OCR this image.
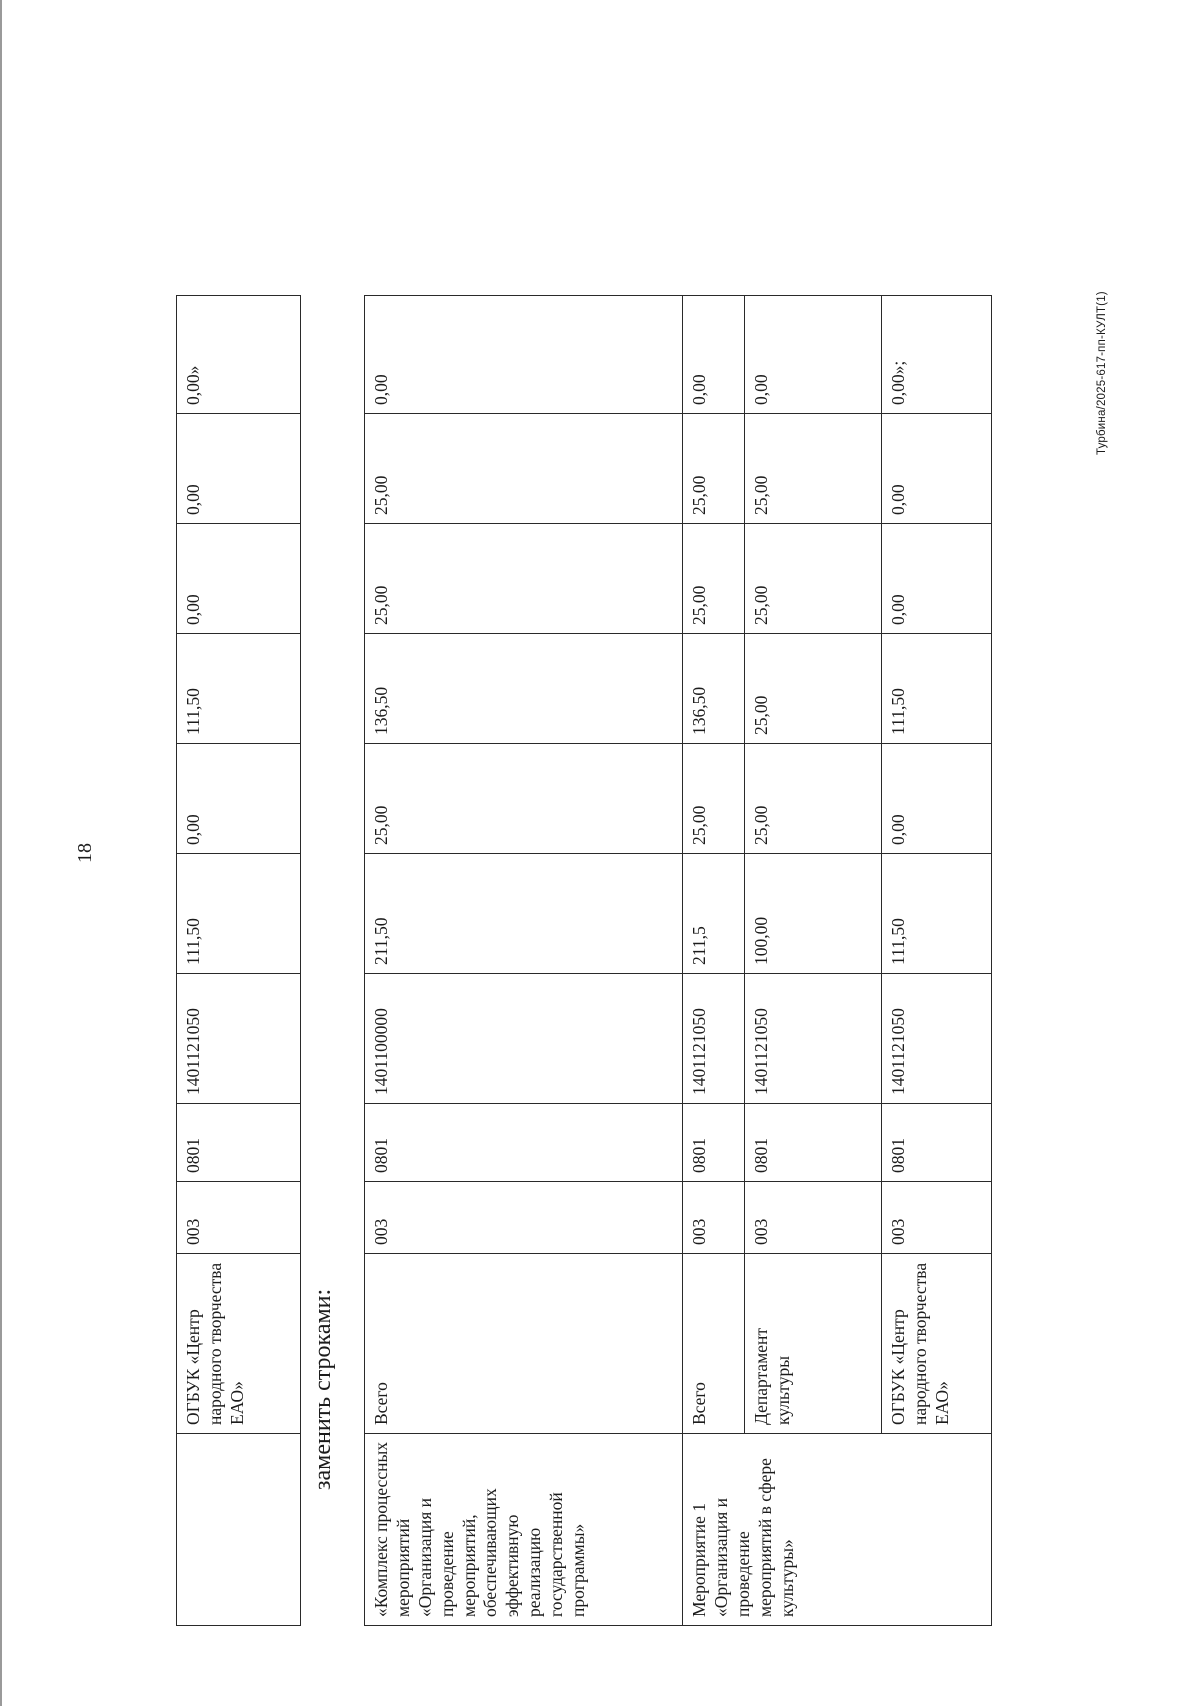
18
	ОГБУК «Центр народного творчества ЕАО»	003	0801	1401121050	111,50	0,00	111,50	0,00	0,00	0,00»
заменить строками:
«Комплекс процессных мероприятий «Организация и проведение мероприятий, обеспечивающих эффективную реализацию государственной программы»	Всего	003	0801	1401100000	211,50	25,00	136,50	25,00	25,00	0,00
Мероприятие 1 «Организация и проведение мероприятий в сфере культуры»	Всего	003	0801	1401121050	211,5	25,00	136,50	25,00	25,00	0,00
	Департамент культуры	003	0801	1401121050	100,00	25,00	25,00	25,00	25,00	0,00
	ОГБУК «Центр народного творчества ЕАО»	003	0801	1401121050	111,50	0,00	111,50	0,00	0,00	0,00»;	Турбина/2025-617-пп-КУЛТ(1)
